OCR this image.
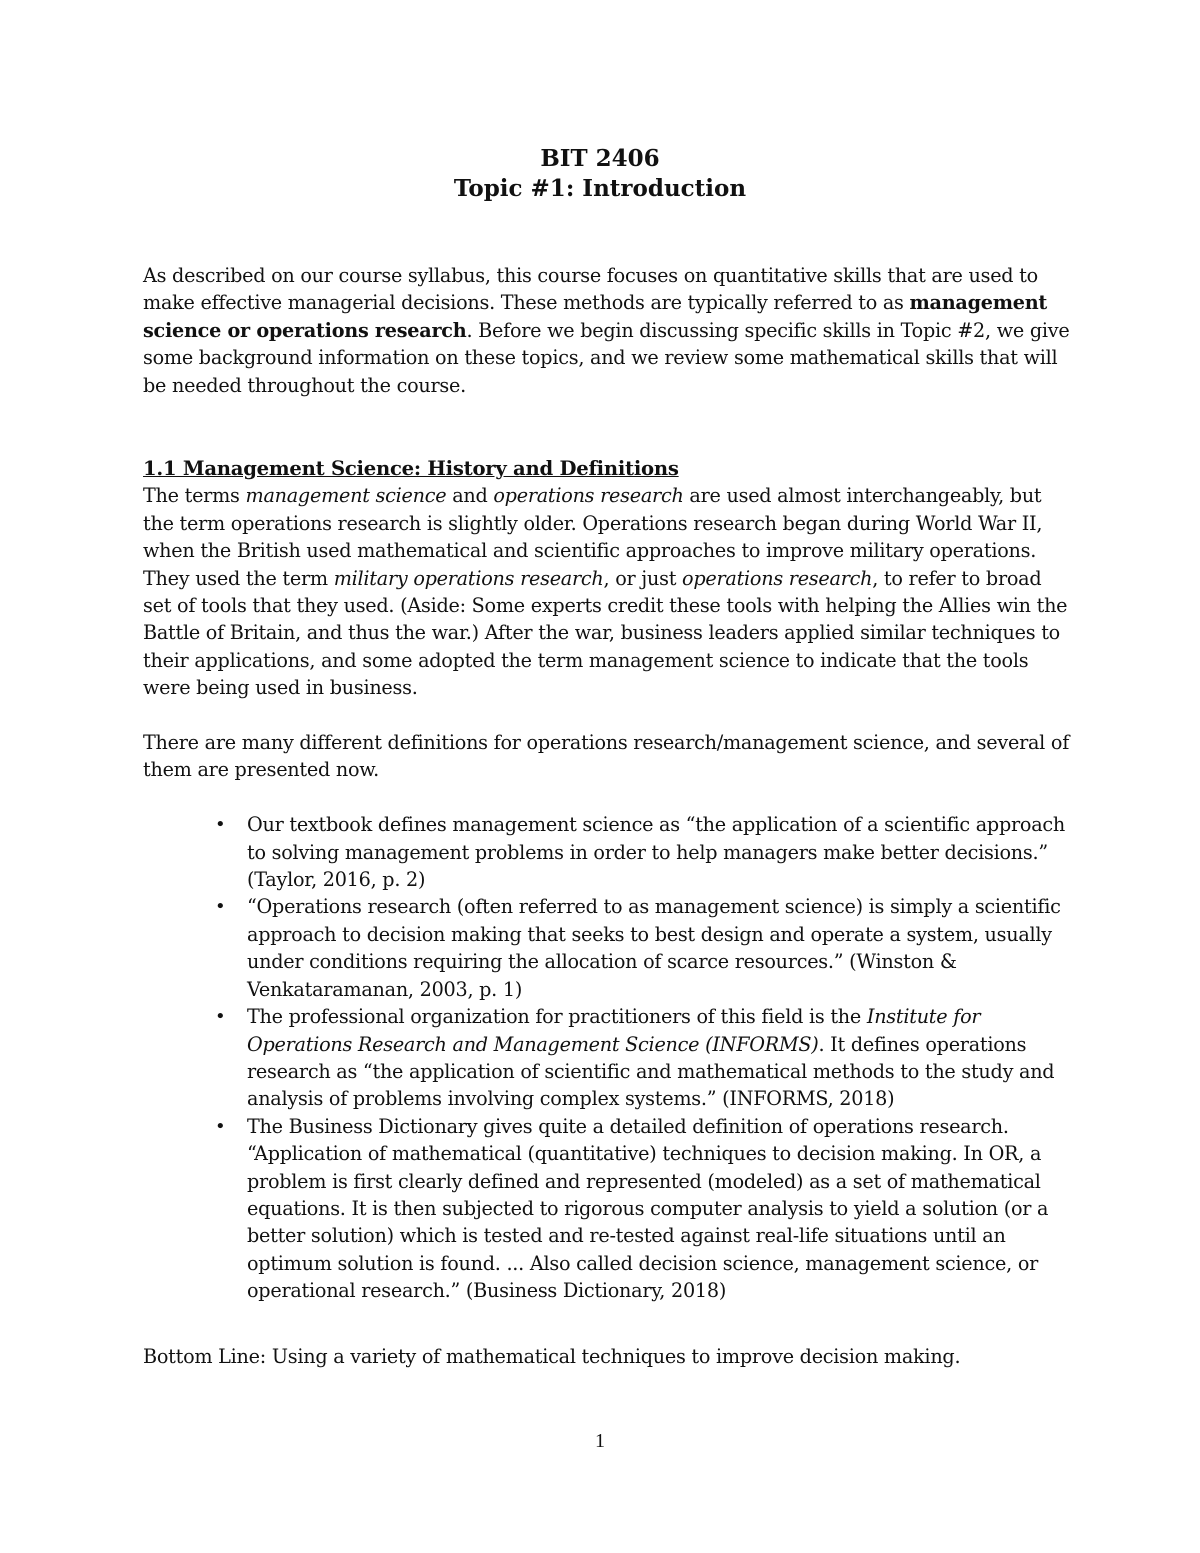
BIT 2406
Topic #1: Introduction

As described on our course syllabus, this course focuses on quantitative skills that are used to make effective managerial decisions. These methods are typically referred to as management science or operations research. Before we begin discussing specific skills in Topic #2, we give some background information on these topics, and we review some mathematical skills that will be needed throughout the course.

1.1 Management Science: History and Definitions

The terms management science and operations research are used almost interchangeably, but the term operations research is slightly older. Operations research began during World War II, when the British used mathematical and scientific approaches to improve military operations. They used the term military operations research, or just operations research, to refer to broad set of tools that they used. (Aside: Some experts credit these tools with helping the Allies win the Battle of Britain, and thus the war.) After the war, business leaders applied similar techniques to their applications, and some adopted the term management science to indicate that the tools were being used in business.

There are many different definitions for operations research/management science, and several of them are presented now.

• Our textbook defines management science as “the application of a scientific approach to solving management problems in order to help managers make better decisions.” (Taylor, 2016, p. 2)
• “Operations research (often referred to as management science) is simply a scientific approach to decision making that seeks to best design and operate a system, usually under conditions requiring the allocation of scarce resources.” (Winston & Venkataramanan, 2003, p. 1)
• The professional organization for practitioners of this field is the Institute for Operations Research and Management Science (INFORMS). It defines operations research as “the application of scientific and mathematical methods to the study and analysis of problems involving complex systems.” (INFORMS, 2018)
• The Business Dictionary gives quite a detailed definition of operations research. “Application of mathematical (quantitative) techniques to decision making. In OR, a problem is first clearly defined and represented (modeled) as a set of mathematical equations. It is then subjected to rigorous computer analysis to yield a solution (or a better solution) which is tested and re-tested against real-life situations until an optimum solution is found. ... Also called decision science, management science, or operational research.” (Business Dictionary, 2018)

Bottom Line: Using a variety of mathematical techniques to improve decision making.

1
